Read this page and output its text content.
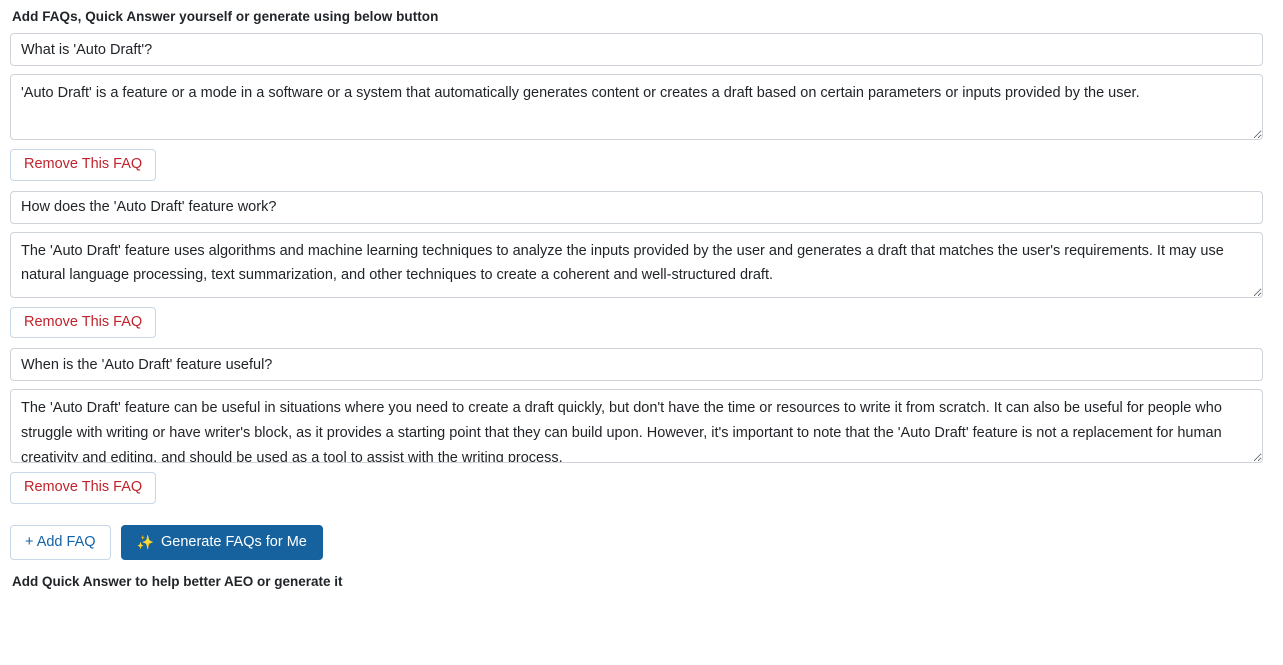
Add FAQs, Quick Answer yourself or generate using below button
What is 'Auto Draft'?
'Auto Draft' is a feature or a mode in a software or a system that automatically generates content or creates a draft based on certain parameters or inputs provided by the user. Remove This FAQ
How does the 'Auto Draft' feature work?
The 'Auto Draft' feature uses algorithms and machine learning techniques to analyze the inputs provided by the user and generates a draft that matches the user's requirements. It may use natural language processing, text summarization, and other techniques to create a coherent and well-structured draft. Remove This FAQ
When is the 'Auto Draft' feature useful?
The 'Auto Draft' feature can be useful in situations where you need to create a draft quickly, but don't have the time or resources to write it from scratch. It can also be useful for people who struggle with writing or have writer's block, as it provides a starting point that they can build upon. However, it's important to note that the 'Auto Draft' feature is not a replacement for human creativity and editing, and should be used as a tool to assist with the writing process. Remove This FAQ
+ Add FAQ	✨ Generate FAQs for Me
Add Quick Answer to help better AEO or generate it
